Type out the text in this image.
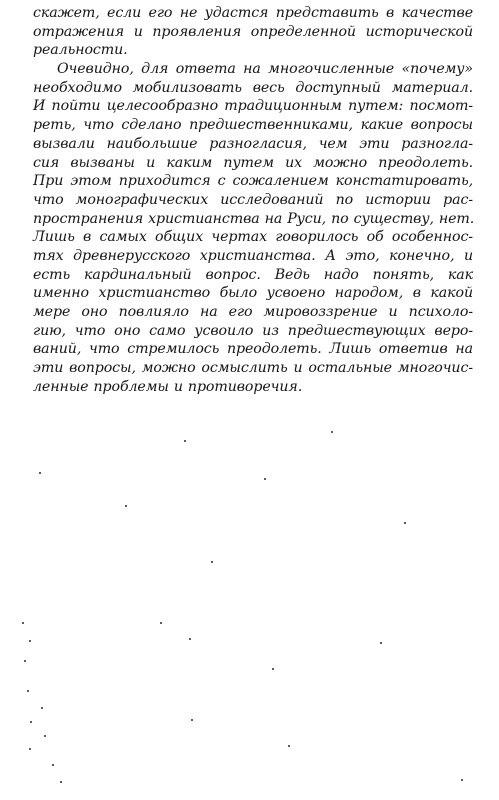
скажет, если его не удастся представить в качестве
отражения и проявления определенной исторической
реальности.
Очевидно, для ответа на многочисленные «почему»
необходимо мобилизовать весь доступный материал.
И пойти целесообразно традиционным путем: посмот-
реть, что сделано предшественниками, какие вопросы
вызвали наибольшие разногласия, чем эти разногла-
сия вызваны и каким путем их можно преодолеть.
При этом приходится с сожалением констатировать,
что монографических исследований по истории рас-
пространения христианства на Руси, по существу, нет.
Лишь в самых общих чертах говорилось об особеннос-
тях древнерусского христианства. А это, конечно, и
есть кардинальный вопрос. Ведь надо понять, как
именно христианство было усвоено народом, в какой
мере оно повлияло на его мировоззрение и психоло-
гию, что оно само усвоило из предшествующих веро-
ваний, что стремилось преодолеть. Лишь ответив на
эти вопросы, можно осмыслить и остальные многочис-
ленные проблемы и противоречия.
